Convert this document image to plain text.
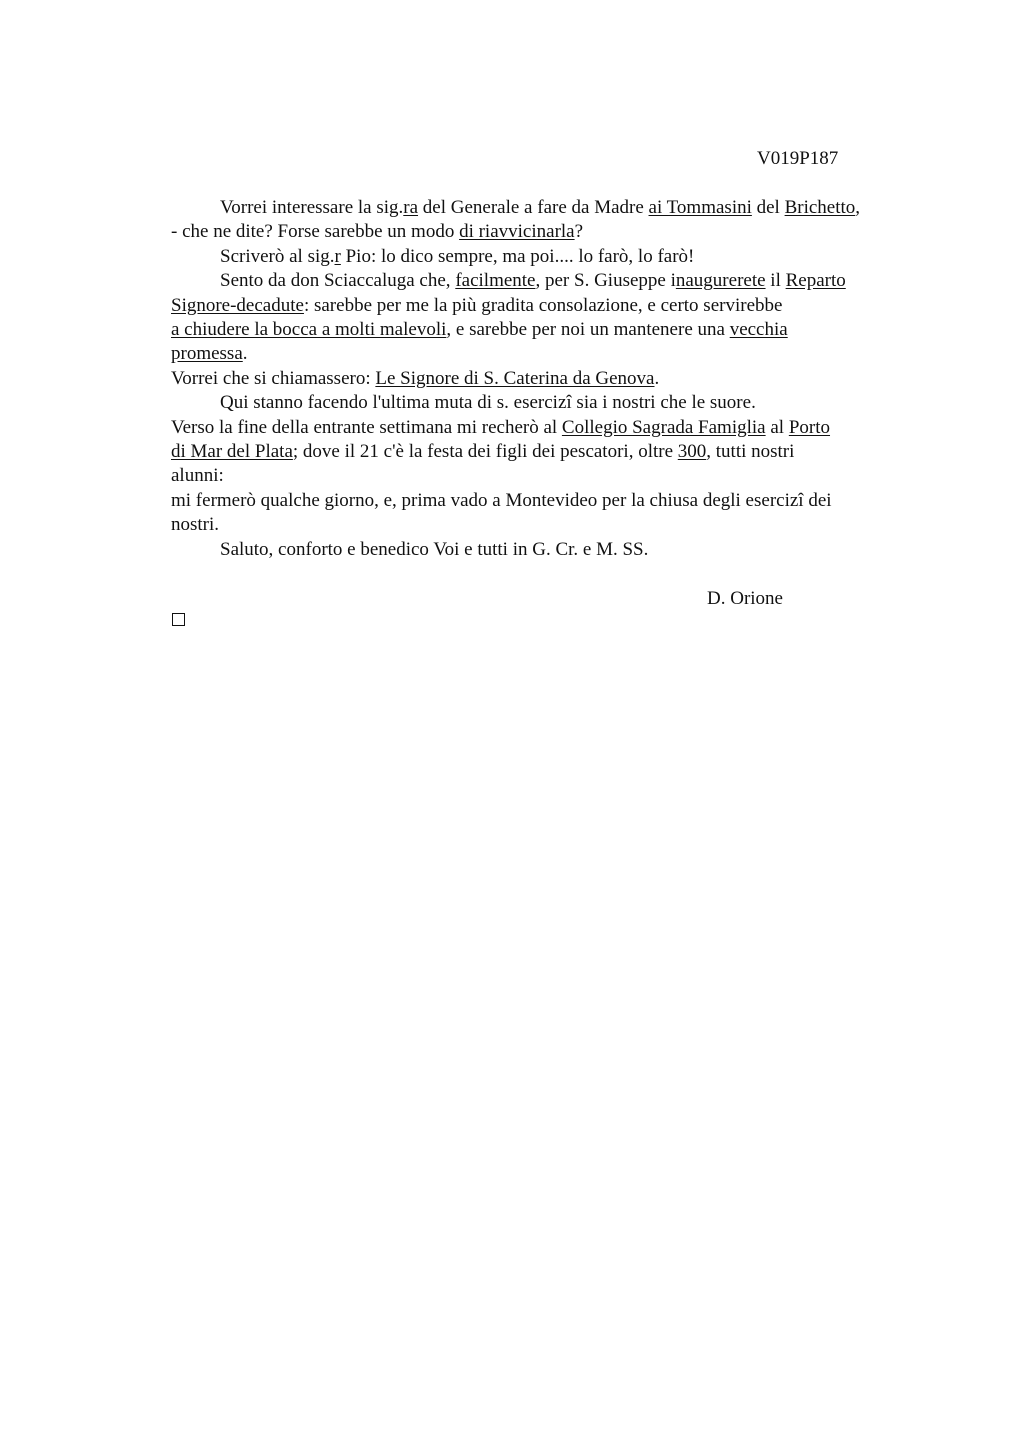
V019P187
Vorrei interessare la sig.ra del Generale a fare da Madre ai Tommasini del Brichetto,
- che ne dite? Forse sarebbe un modo di riavvicinarla?
Scriverò al sig.r Pio: lo dico sempre, ma poi.... lo farò, lo farò!
Sento da don Sciaccaluga che, facilmente, per S. Giuseppe inaugurerete il Reparto
Signore-decadute: sarebbe per me la più gradita consolazione, e certo servirebbe
a chiudere la bocca a molti malevoli, e sarebbe per noi un mantenere una vecchia
promessa.
Vorrei che si chiamassero: Le Signore di S. Caterina da Genova.
Qui stanno facendo l'ultima muta di s. esercizi sia i nostri che le suore.
Verso la fine della entrante settimana mi recherò al Collegio Sagrada Famiglia al Porto
di Mar del Plata; dove il 21 c'è la festa dei figli dei pescatori, oltre 300, tutti nostri
alunni:
mi fermerò qualche giorno, e, prima vado a Montevideo per la chiusa degli esercizi dei
nostri.
Saluto, conforto e benedico Voi e tutti in G. Cr. e M. SS.
D. Orione
